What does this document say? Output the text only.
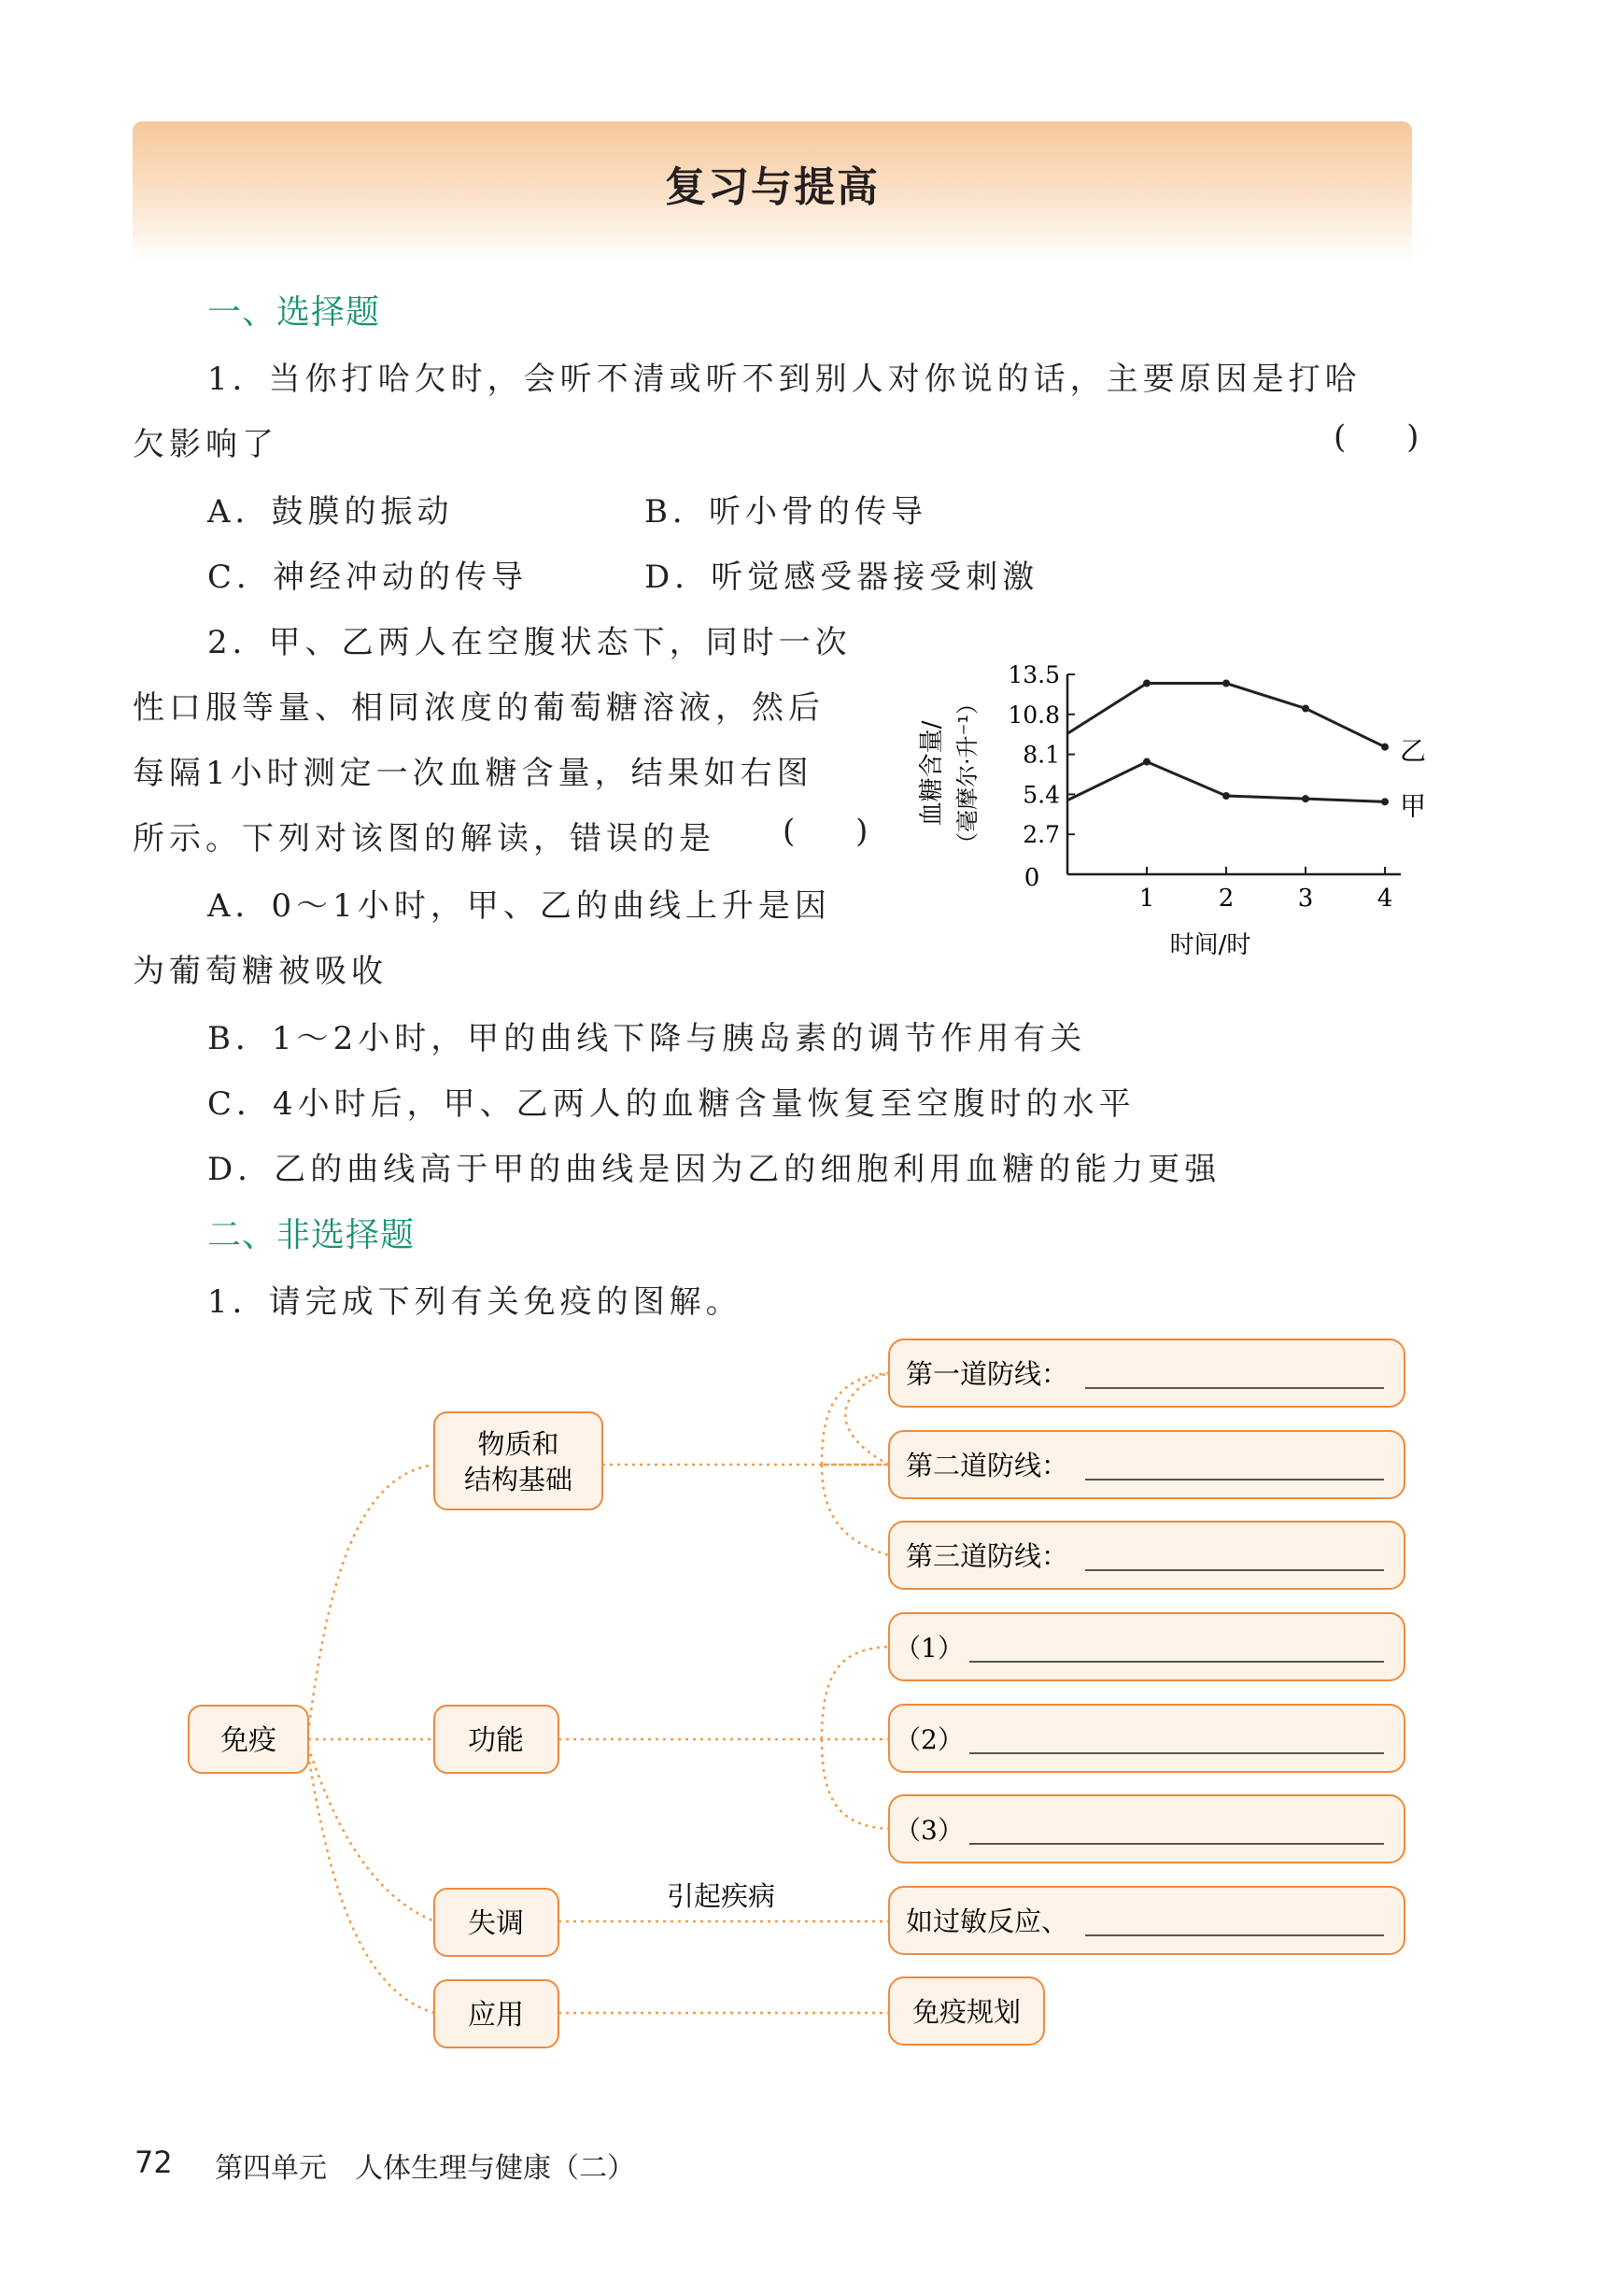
复习与提高
一、选择题
1．当你打哈欠时，会听不清或听不到别人对你说的话，主要原因是打哈
欠影响了	(      )
A．鼓膜的振动	B．听小骨的传导
C．神经冲动的传导	D．听觉感受器接受刺激
2．甲、乙两人在空腹状态下，同时一次
性口服等量、相同浓度的葡萄糖溶液，然后
每隔1小时测定一次血糖含量，结果如右图
所示。下列对该图的解读，错误的是 (      )
A．0～1小时，甲、乙的曲线上升是因
为葡萄糖被吸收
B．1～2小时，甲的曲线下降与胰岛素的调节作用有关
C．4小时后，甲、乙两人的血糖含量恢复至空腹时的水平
D．乙的曲线高于甲的曲线是因为乙的细胞利用血糖的能力更强
二、非选择题
1．请完成下列有关免疫的图解。
2.7
5.4
8.1
10.8
13.5
1	2	3	4
乙
甲
0
血糖含量/ （毫摩尔·升⁻¹）
时间/时
免疫
物质和
结构基础
功能
失调
应用
引起疾病
第一道防线：
第二道防线：
第三道防线：
（1）
（2）
（3）
如过敏反应、
免疫规划
72 第四单元 人体生理与健康（二）
